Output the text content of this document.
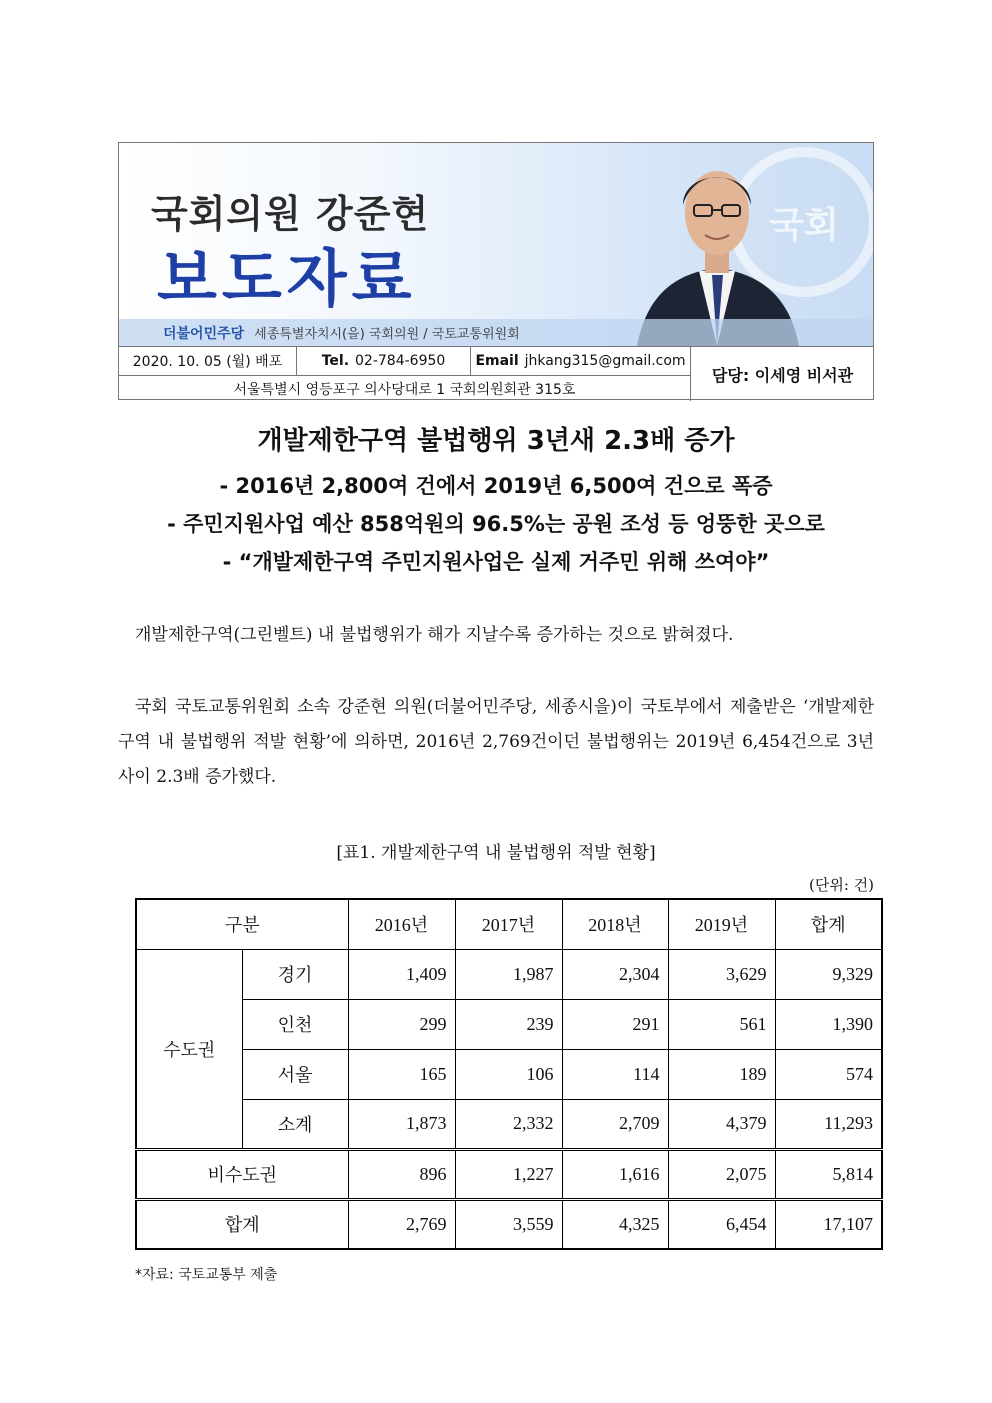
국회의원 강준현
보도자료
국회
더불어민주당 세종특별자치시(을) 국회의원 / 국토교통위원회
2020. 10. 05 (월) 배포	Tel. 02-784-6950 Email jhkang315@gmail.com
서울특별시 영등포구 의사당대로 1 국회의원회관 315호
담당: 이세영 비서관
개발제한구역 불법행위 3년새 2.3배 증가
- 2016년 2,800여 건에서 2019년 6,500여 건으로 폭증
- 주민지원사업 예산 858억원의 96.5%는 공원 조성 등 엉뚱한 곳으로
- “개발제한구역 주민지원사업은 실제 거주민 위해 쓰여야”
개발제한구역(그린벨트) 내 불법행위가 해가 지날수록 증가하는 것으로 밝혀졌다.
국회 국토교통위원회 소속 강준현 의원(더불어민주당, 세종시을)이 국토부에서 제출받은 ‘개발제한구역 내 불법행위 적발 현황’에 의하면, 2016년 2,769건이던 불법행위는 2019년 6,454건으로 3년 사이 2.3배 증가했다.
[표1. 개발제한구역 내 불법행위 적발 현황]
(단위: 건)
구분		2016년	2017년	2018년	2019년	합계
수도권	경기	1,409	1,987	2,304	3,629	9,329
	인천	299	239	291	561	1,390
	서울	165	106	114	189	574
	소계	1,873	2,332	2,709	4,379	11,293
비수도권		896	1,227	1,616	2,075	5,814
합계		2,769	3,559	4,325	6,454	17,107
*자료: 국토교통부 제출
